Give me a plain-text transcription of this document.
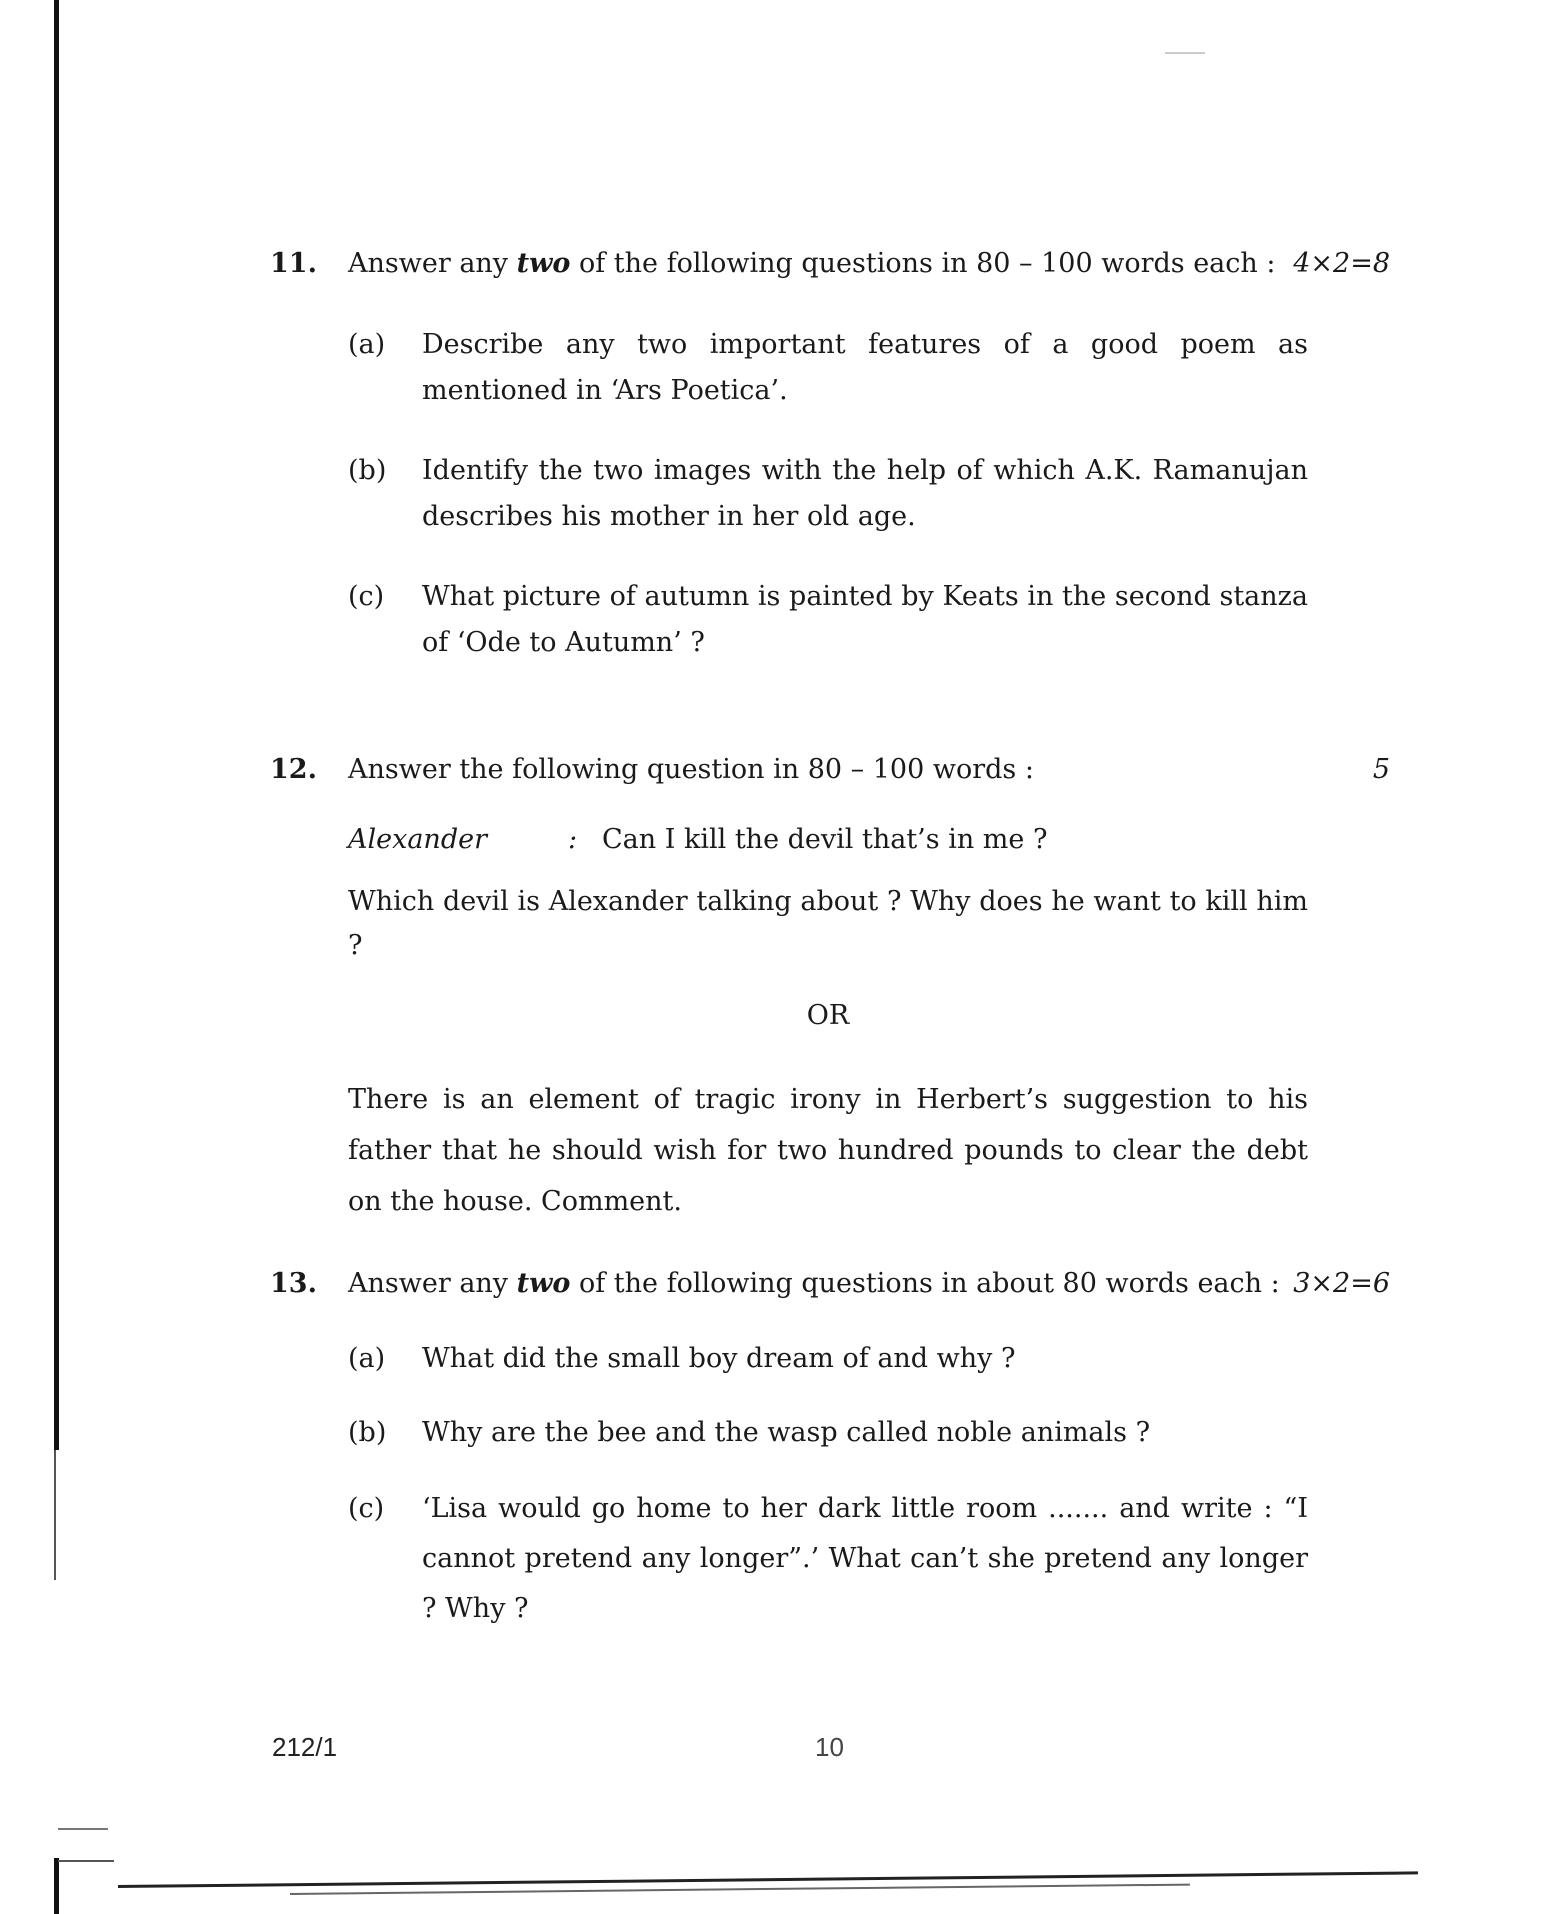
11.	Answer any two of the following questions in 80 – 100 words each : 4×2=8
(a)	Describe any two important features of a good poem as mentioned in ‘Ars Poetica’.
(b)	Identify the two images with the help of which A.K. Ramanujan describes his mother in her old age.
(c)	What picture of autumn is painted by Keats in the second stanza of ‘Ode to Autumn’ ?
12.	Answer the following question in 80 – 100 words :	5
Alexander	: Can I kill the devil that’s in me ?
Which devil is Alexander talking about ? Why does he want to kill him ?
OR
There is an element of tragic irony in Herbert’s suggestion to his father that he should wish for two hundred pounds to clear the debt on the house. Comment.
13.	Answer any two of the following questions in about 80 words each : 3×2=6
(a)	What did the small boy dream of and why ?
(b)	Why are the bee and the wasp called noble animals ?
(c)	‘Lisa would go home to her dark little room ....... and write : “I cannot pretend any longer”.’ What can’t she pretend any longer ? Why ?
212/1	10
